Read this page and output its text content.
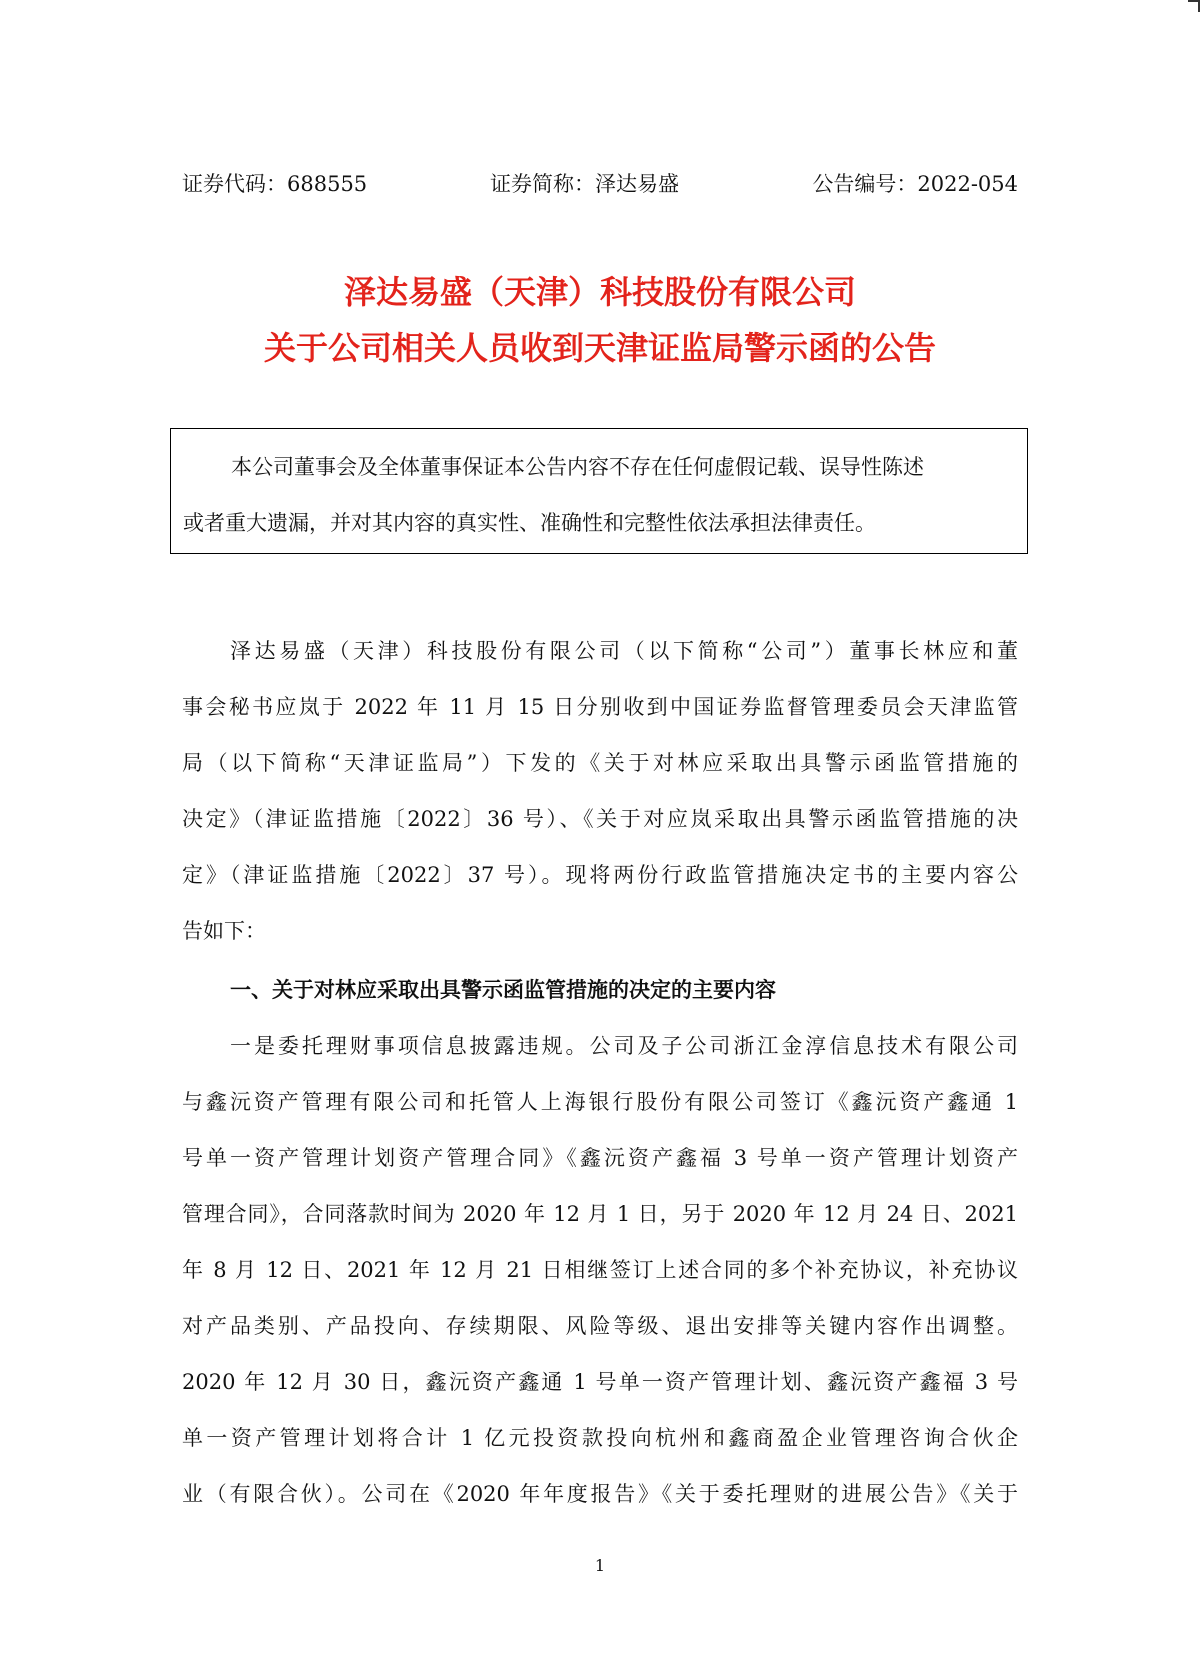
证券代码：688555	证券简称：泽达易盛	公告编号：2022-054
泽达易盛（天津）科技股份有限公司
关于公司相关人员收到天津证监局警示函的公告
本公司董事会及全体董事保证本公告内容不存在任何虚假记载、误导性陈述
或者重大遗漏，并对其内容的真实性、准确性和完整性依法承担法律责任。
泽达易盛（天津）科技股份有限公司（以下简称“公司”）董事长林应和董
事会秘书应岚于 2022 年 11 月 15 日分别收到中国证券监督管理委员会天津监管
局（以下简称“天津证监局”）下发的《关于对林应采取出具警示函监管措施的
决定》（津证监措施〔2022〕36 号）、《关于对应岚采取出具警示函监管措施的决
定》（津证监措施〔2022〕37 号）。现将两份行政监管措施决定书的主要内容公
告如下：
一、关于对林应采取出具警示函监管措施的决定的主要内容
一是委托理财事项信息披露违规。公司及子公司浙江金淳信息技术有限公司
与鑫沅资产管理有限公司和托管人上海银行股份有限公司签订《鑫沅资产鑫通 1
号单一资产管理计划资产管理合同》《鑫沅资产鑫福 3 号单一资产管理计划资产
管理合同》，合同落款时间为 2020 年 12 月 1 日，另于 2020 年 12 月 24 日、2021
年 8 月 12 日、2021 年 12 月 21 日相继签订上述合同的多个补充协议，补充协议
对产品类别、产品投向、存续期限、风险等级、退出安排等关键内容作出调整。
2020 年 12 月 30 日，鑫沅资产鑫通 1 号单一资产管理计划、鑫沅资产鑫福 3 号
单一资产管理计划将合计 1 亿元投资款投向杭州和鑫商盈企业管理咨询合伙企
业（有限合伙）。公司在《2020 年年度报告》《关于委托理财的进展公告》《关于
1
